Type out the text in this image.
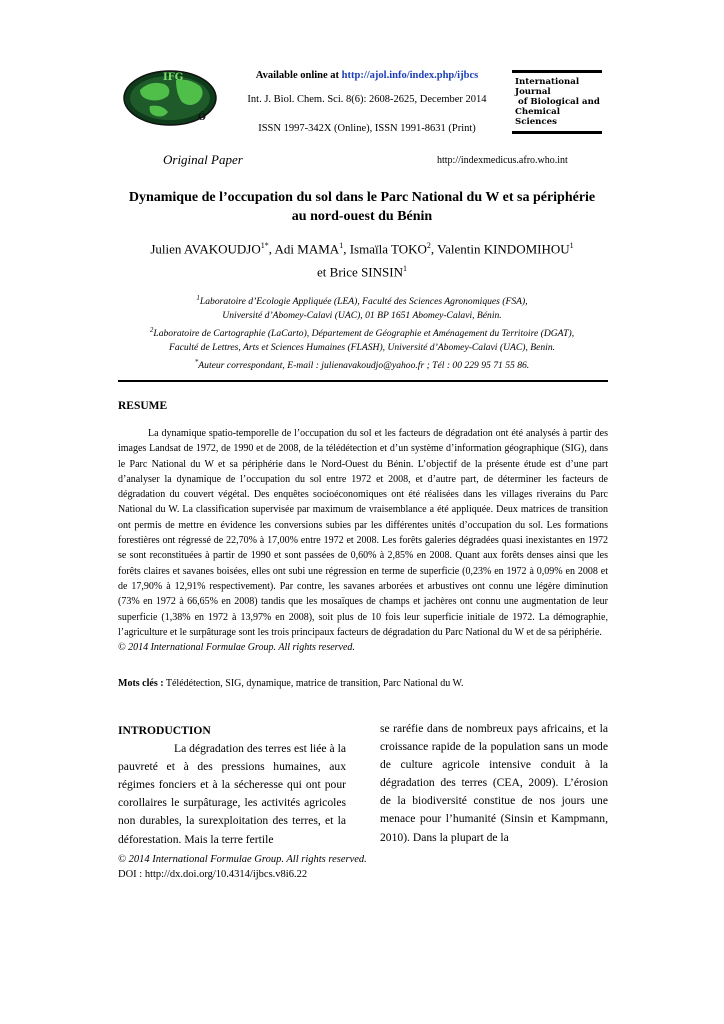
IFG
Ô
Available online at http://ajol.info/index.php/ijbcs
Int. J. Biol. Chem. Sci. 8(6): 2608-2625, December 2014
ISSN 1997-342X (Online), ISSN 1991-8631 (Print)
International Journal
of Biological and
Chemical Sciences
Original Paper	http://indexmedicus.afro.who.int
Dynamique de l’occupation du sol dans le Parc National du W et sa périphérie
au nord-ouest du Bénin
Julien $AVAKOUDJO^{1*}$, Adi MAMA$^1$, Ismaïla TOKO$^2$, Valentin KINDOMIHOU$^1$
et Brice SINSIN$^1$
$^1$Laboratoire d’Ecologie Appliquée (LEA), Faculté des Sciences Agronomiques (FSA),
Université d’Abomey-Calavi (UAC), 01 BP 1651 Abomey-Calavi, Bénin.
$^2$Laboratoire de Cartographie (LaCarto), Département de Géographie et Aménagement du Territoire (DGAT),
Faculté de Lettres, Arts et Sciences Humaines (FLASH), Université d’Abomey-Calavi (UAC), Benin.
*Auteur correspondant, E-mail : julienavakoudjo@yahoo.fr ; Tél : 00 229 95 71 55 86.
RESUME

La dynamique spatio-temporelle de l’occupation du sol et les facteurs de dégradation ont été analysés à partir des images Landsat de 1972, de 1990 et de 2008, de la télédétection et d’un système d’information géographique (SIG), dans le Parc National du W et sa périphérie dans le Nord-Ouest du Bénin. L’objectif de la présente étude est d’une part d’analyser la dynamique de l’occupation du sol entre 1972 et 2008, et d’autre part, de déterminer les facteurs de dégradation du couvert végétal. Des enquêtes socioéconomiques ont été réalisées dans les villages riverains du Parc National du W. La classification supervisée par maximum de vraisemblance a été appliquée. Deux matrices de transition ont permis de mettre en évidence les conversions subies par les différentes unités d’occupation du sol. Les formations forestières ont régressé de 22,70% à 17,00% entre 1972 et 2008. Les forêts galeries dégradées quasi inexistantes en 1972 se sont reconstituées à partir de 1990 et sont passées de 0,60% à 2,85% en 2008. Quant aux forêts denses ainsi que les forêts claires et savanes boisées, elles ont subi une régression en terme de superficie (0,23% en 1972 à 0,09% en 2008 et de 17,90% à 12,91% respectivement). Par contre, les savanes arborées et arbustives ont connu une légère diminution (73% en 1972 à 66,65% en 2008) tandis que les mosaïques de champs et jachères ont connu une augmentation de leur superficie (1,38% en 1972 à 13,97% en 2008), soit plus de 10 fois leur superficie initiale de 1972. La démographie, l’agriculture et le surpâturage sont les trois principaux facteurs de dégradation du Parc National du W et de sa périphérie.

© 2014 International Formulae Group. All rights reserved.
Mots clés : Télédétection, SIG, dynamique, matrice de transition, Parc National du W.
INTRODUCTION
La dégradation des terres est liée à la pauvreté et à des pressions humaines, aux régimes fonciers et à la sécheresse qui ont pour corollaires le surpâturage, les activités agricoles non durables, la surexploitation des terres, et la déforestation. Mais la terre fertile
se raréfie dans de nombreux pays africains, et la croissance rapide de la population sans un mode de culture agricole intensive conduit à la dégradation des terres (CEA, 2009). L’érosion de la biodiversité constitue de nos jours une menace pour l’humanité (Sinsin et Kampmann, 2010). Dans la plupart de la
© 2014 International Formulae Group. All rights reserved.
DOI : http://dx.doi.org/10.4314/ijbcs.v8i6.22
